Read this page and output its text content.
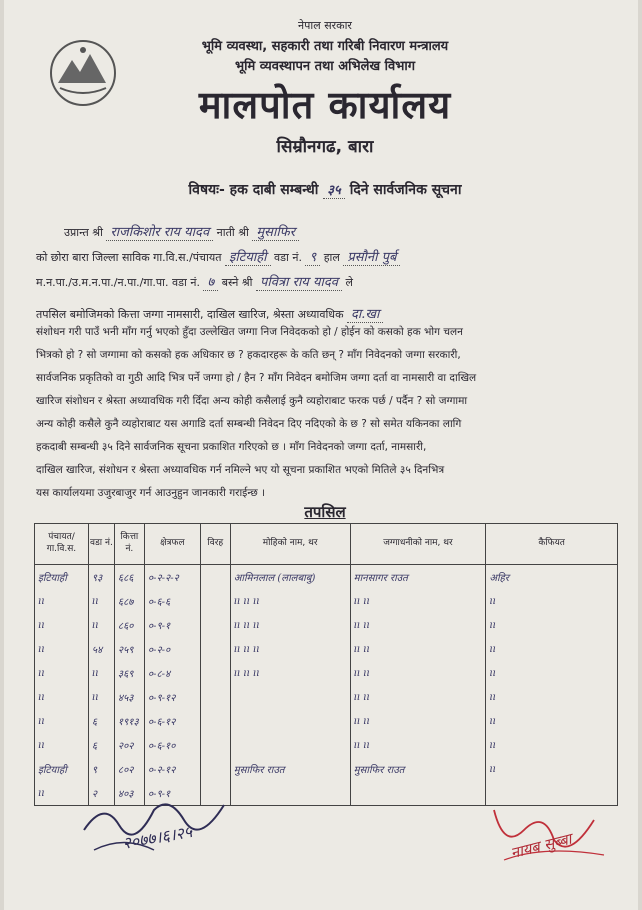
नेपाल सरकार
भूमि व्यवस्था, सहकारी तथा गरिबी निवारण मन्त्रालय
भूमि व्यवस्थापन तथा अभिलेख विभाग
मालपोत कार्यालय
सिम्रौनगढ, बारा
विषयः- हक दाबी सम्बन्धी ३५ दिने सार्वजनिक सूचना
उप्रान्त श्री राजकिशोर राय यादव नाती श्री मुसाफिर
को छोरा बारा जिल्ला साविक गा.वि.स./पंचायत इटियाही वडा नं. ९ हाल प्रसौनी पुर्ब
म.न.पा./उ.म.न.पा./न.पा./गा.पा. वडा नं. ७ बस्ने श्री पवित्रा राय यादव ले
तपसिल बमोजिमको कित्ता जग्गा नामसारी, दाखिल खारिज, श्रेस्ता अध्यावधिक दा.खा
संशोधन गरी पाउँ भनी माँग गर्नु भएको हुँदा उल्लेखित जग्गा निज निवेदकको हो / होईन को कसको हक भोग चलन
भित्रको हो ? सो जग्गामा को कसको हक अधिकार छ ? हकदारहरू के कति छन् ? माँग निवेदनको जग्गा सरकारी,
सार्वजनिक प्रकृतिको वा गुठी आदि भित्र पर्ने जग्गा हो / हैन ? माँग निवेदन बमोजिम जग्गा दर्ता वा नामसारी वा दाखिल
खारिज संशोधन र श्रेस्ता अध्यावधिक गरी दिँदा अन्य कोही कसैलाई कुनै व्यहोराबाट फरक पर्छ / पर्दैन ? सो जग्गामा
अन्य कोही कसैले कुनै व्यहोराबाट यस अगाडि दर्ता सम्बन्धी निवेदन दिए नदिएको के छ ? सो समेत यकिनका लागि
हकदाबी सम्बन्धी ३५ दिने सार्वजनिक सूचना प्रकाशित गरिएको छ । माँग निवेदनको जग्गा दर्ता, नामसारी,
दाखिल खारिज, संशोधन र श्रेस्ता अध्यावधिक गर्न नमिल्ने भए यो सूचना प्रकाशित भएको मितिले ३५ दिनभित्र
यस कार्यालयमा उजुरबाजुर गर्न आउनुहुन जानकारी गराईन्छ ।
तपसिल
पंचायत/ गा.वि.स.	वडा नं.	कित्ता नं.	क्षेत्रफल	विरह	मोहिको नाम, थर	जग्गाधनीको नाम, थर	कैफियत
इटियाही	९३	६८६	०-२-२-२		आमिनलाल (लालबाबु)	मानसागर राउत	अहिर
ıı	ıı	६८७	०-६-६		ıı ıı ıı	ıı ıı	ıı
ıı	ıı	८६०	०-९-१		ıı ıı ıı	ıı ıı	ıı
ıı	५४	२५९	०-२-०		ıı ıı ıı	ıı ıı	ıı
ıı	ıı	३६९	०-८-४		ıı ıı ıı	ıı ıı	ıı
ıı	ıı	४५३	०-९-१२			ıı ıı	ıı
ıı	६	१९१३	०-६-१२			ıı ıı	ıı
ıı	६	२०२	०-६-१०			ıı ıı	ıı
इटियाही	९	८०२	०-२-१२		मुसाफिर राउत	मुसाफिर राउत	ıı
ıı	२	४०३	०-९-१				
२०७७।६।२५	नायब सुब्बा
